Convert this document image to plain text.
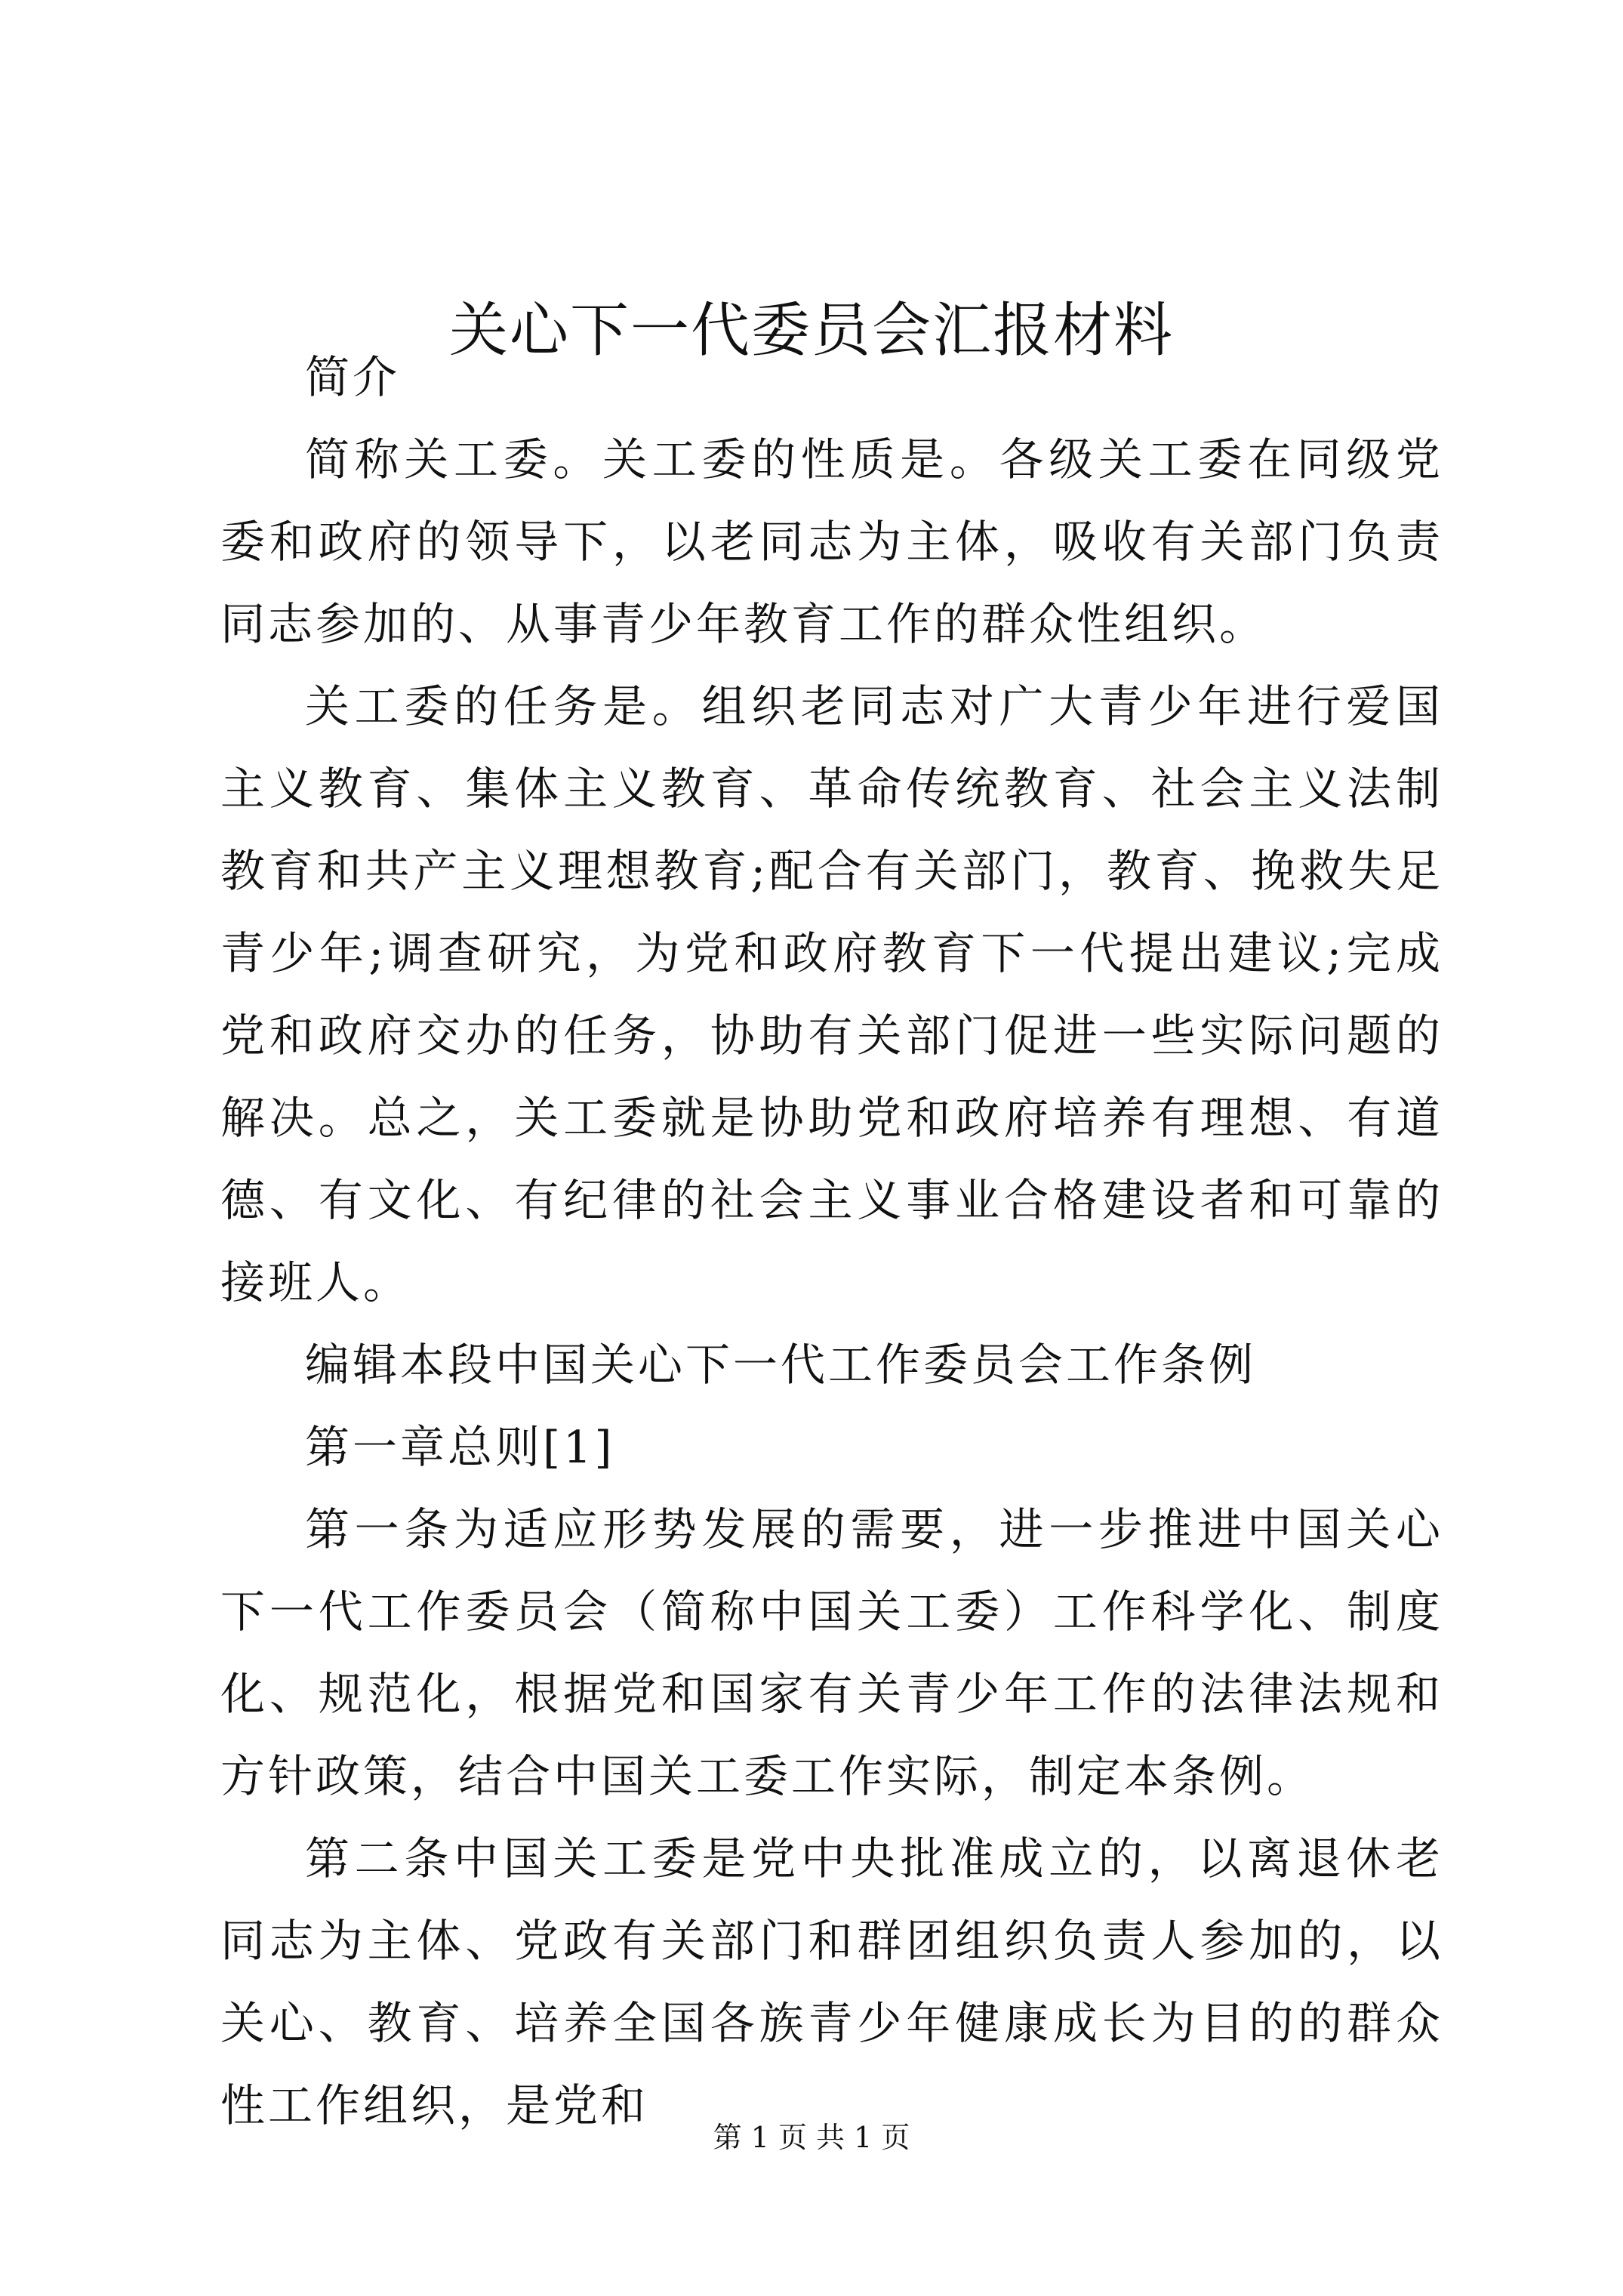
关心下一代委员会汇报材料

简介

简称关工委。关工委的性质是。各级关工委在同级党委和政府的领导下，以老同志为主体，吸收有关部门负责同志参加的、从事青少年教育工作的群众性组织。

关工委的任务是。组织老同志对广大青少年进行爱国主义教育、集体主义教育、革命传统教育、社会主义法制教育和共产主义理想教育;配合有关部门，教育、挽救失足青少年;调查研究，为党和政府教育下一代提出建议;完成党和政府交办的任务，协助有关部门促进一些实际问题的解决。总之，关工委就是协助党和政府培养有理想、有道德、有文化、有纪律的社会主义事业合格建设者和可靠的接班人。

编辑本段中国关心下一代工作委员会工作条例

第一章总则[1]

第一条为适应形势发展的需要，进一步推进中国关心下一代工作委员会（简称中国关工委）工作科学化、制度化、规范化，根据党和国家有关青少年工作的法律法规和方针政策，结合中国关工委工作实际，制定本条例。

第二条中国关工委是党中央批准成立的，以离退休老同志为主体、党政有关部门和群团组织负责人参加的，以关心、教育、培养全国各族青少年健康成长为目的的群众性工作组织，是党和

第 1 页 共 1 页
